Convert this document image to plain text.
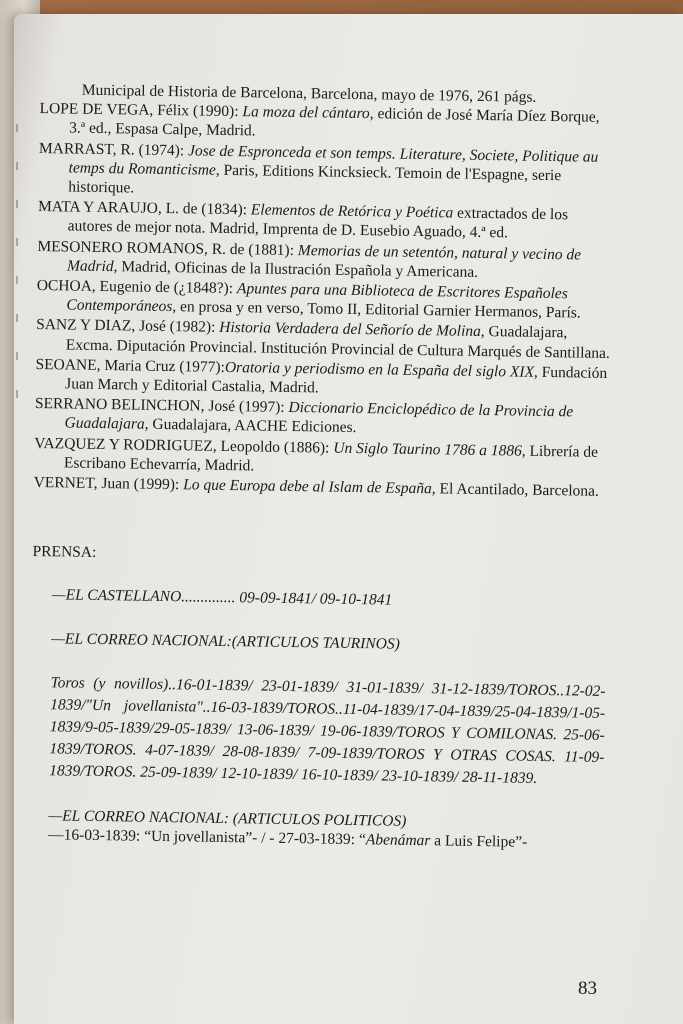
Municipal de Historia de Barcelona, Barcelona, mayo de 1976, 261 págs.
LOPE DE VEGA, Félix (1990): La moza del cántaro, edición de José María Díez Borque, 3.ª ed., Espasa Calpe, Madrid.
MARRAST, R. (1974): Jose de Espronceda et son temps. Literature, Societe, Politique au temps du Romanticisme, Paris, Editions Kincksieck. Temoin de l'Espagne, serie historique.
MATA Y ARAUJO, L. de (1834): Elementos de Retórica y Poética extractados de los autores de mejor nota. Madrid, Imprenta de D. Eusebio Aguado, 4.ª ed.
MESONERO ROMANOS, R. de (1881): Memorias de un setentón, natural y vecino de Madrid, Madrid, Oficinas de la Ilustración Española y Americana.
OCHOA, Eugenio de (¿1848?): Apuntes para una Biblioteca de Escritores Españoles Contemporáneos, en prosa y en verso, Tomo II, Editorial Garnier Hermanos, París.
SANZ Y DIAZ, José (1982): Historia Verdadera del Señorío de Molina, Guadalajara, Excma. Diputación Provincial. Institución Provincial de Cultura Marqués de Santillana.
SEOANE, Maria Cruz (1977):Oratoria y periodismo en la España del siglo XIX, Fundación Juan March y Editorial Castalia, Madrid.
SERRANO BELINCHON, José (1997): Diccionario Enciclopédico de la Provincia de Guadalajara, Guadalajara, AACHE Ediciones.
VAZQUEZ Y RODRIGUEZ, Leopoldo (1886): Un Siglo Taurino 1786 a 1886, Librería de Escribano Echevarría, Madrid.
VERNET, Juan (1999): Lo que Europa debe al Islam de España, El Acantilado, Barcelona.
PRENSA:
—EL CASTELLANO.............. 09-09-1841/ 09-10-1841
—EL CORREO NACIONAL:(ARTICULOS TAURINOS)
Toros (y novillos)..16-01-1839/ 23-01-1839/ 31-01-1839/ 31-12-1839/TOROS..12-02-1839/"Un jovellanista"..16-03-1839/TOROS..11-04-1839/17-04-1839/25-04-1839/1-05-1839/9-05-1839/29-05-1839/ 13-06-1839/ 19-06-1839/TOROS Y COMILONAS. 25-06-1839/TOROS. 4-07-1839/ 28-08-1839/ 7-09-1839/TOROS Y OTRAS COSAS. 11-09-1839/TOROS. 25-09-1839/ 12-10-1839/ 16-10-1839/ 23-10-1839/ 28-11-1839.
—EL CORREO NACIONAL: (ARTICULOS POLITICOS)
—16-03-1839: “Un jovellanista”- / - 27-03-1839: “Abenámar a Luis Felipe”-
83
